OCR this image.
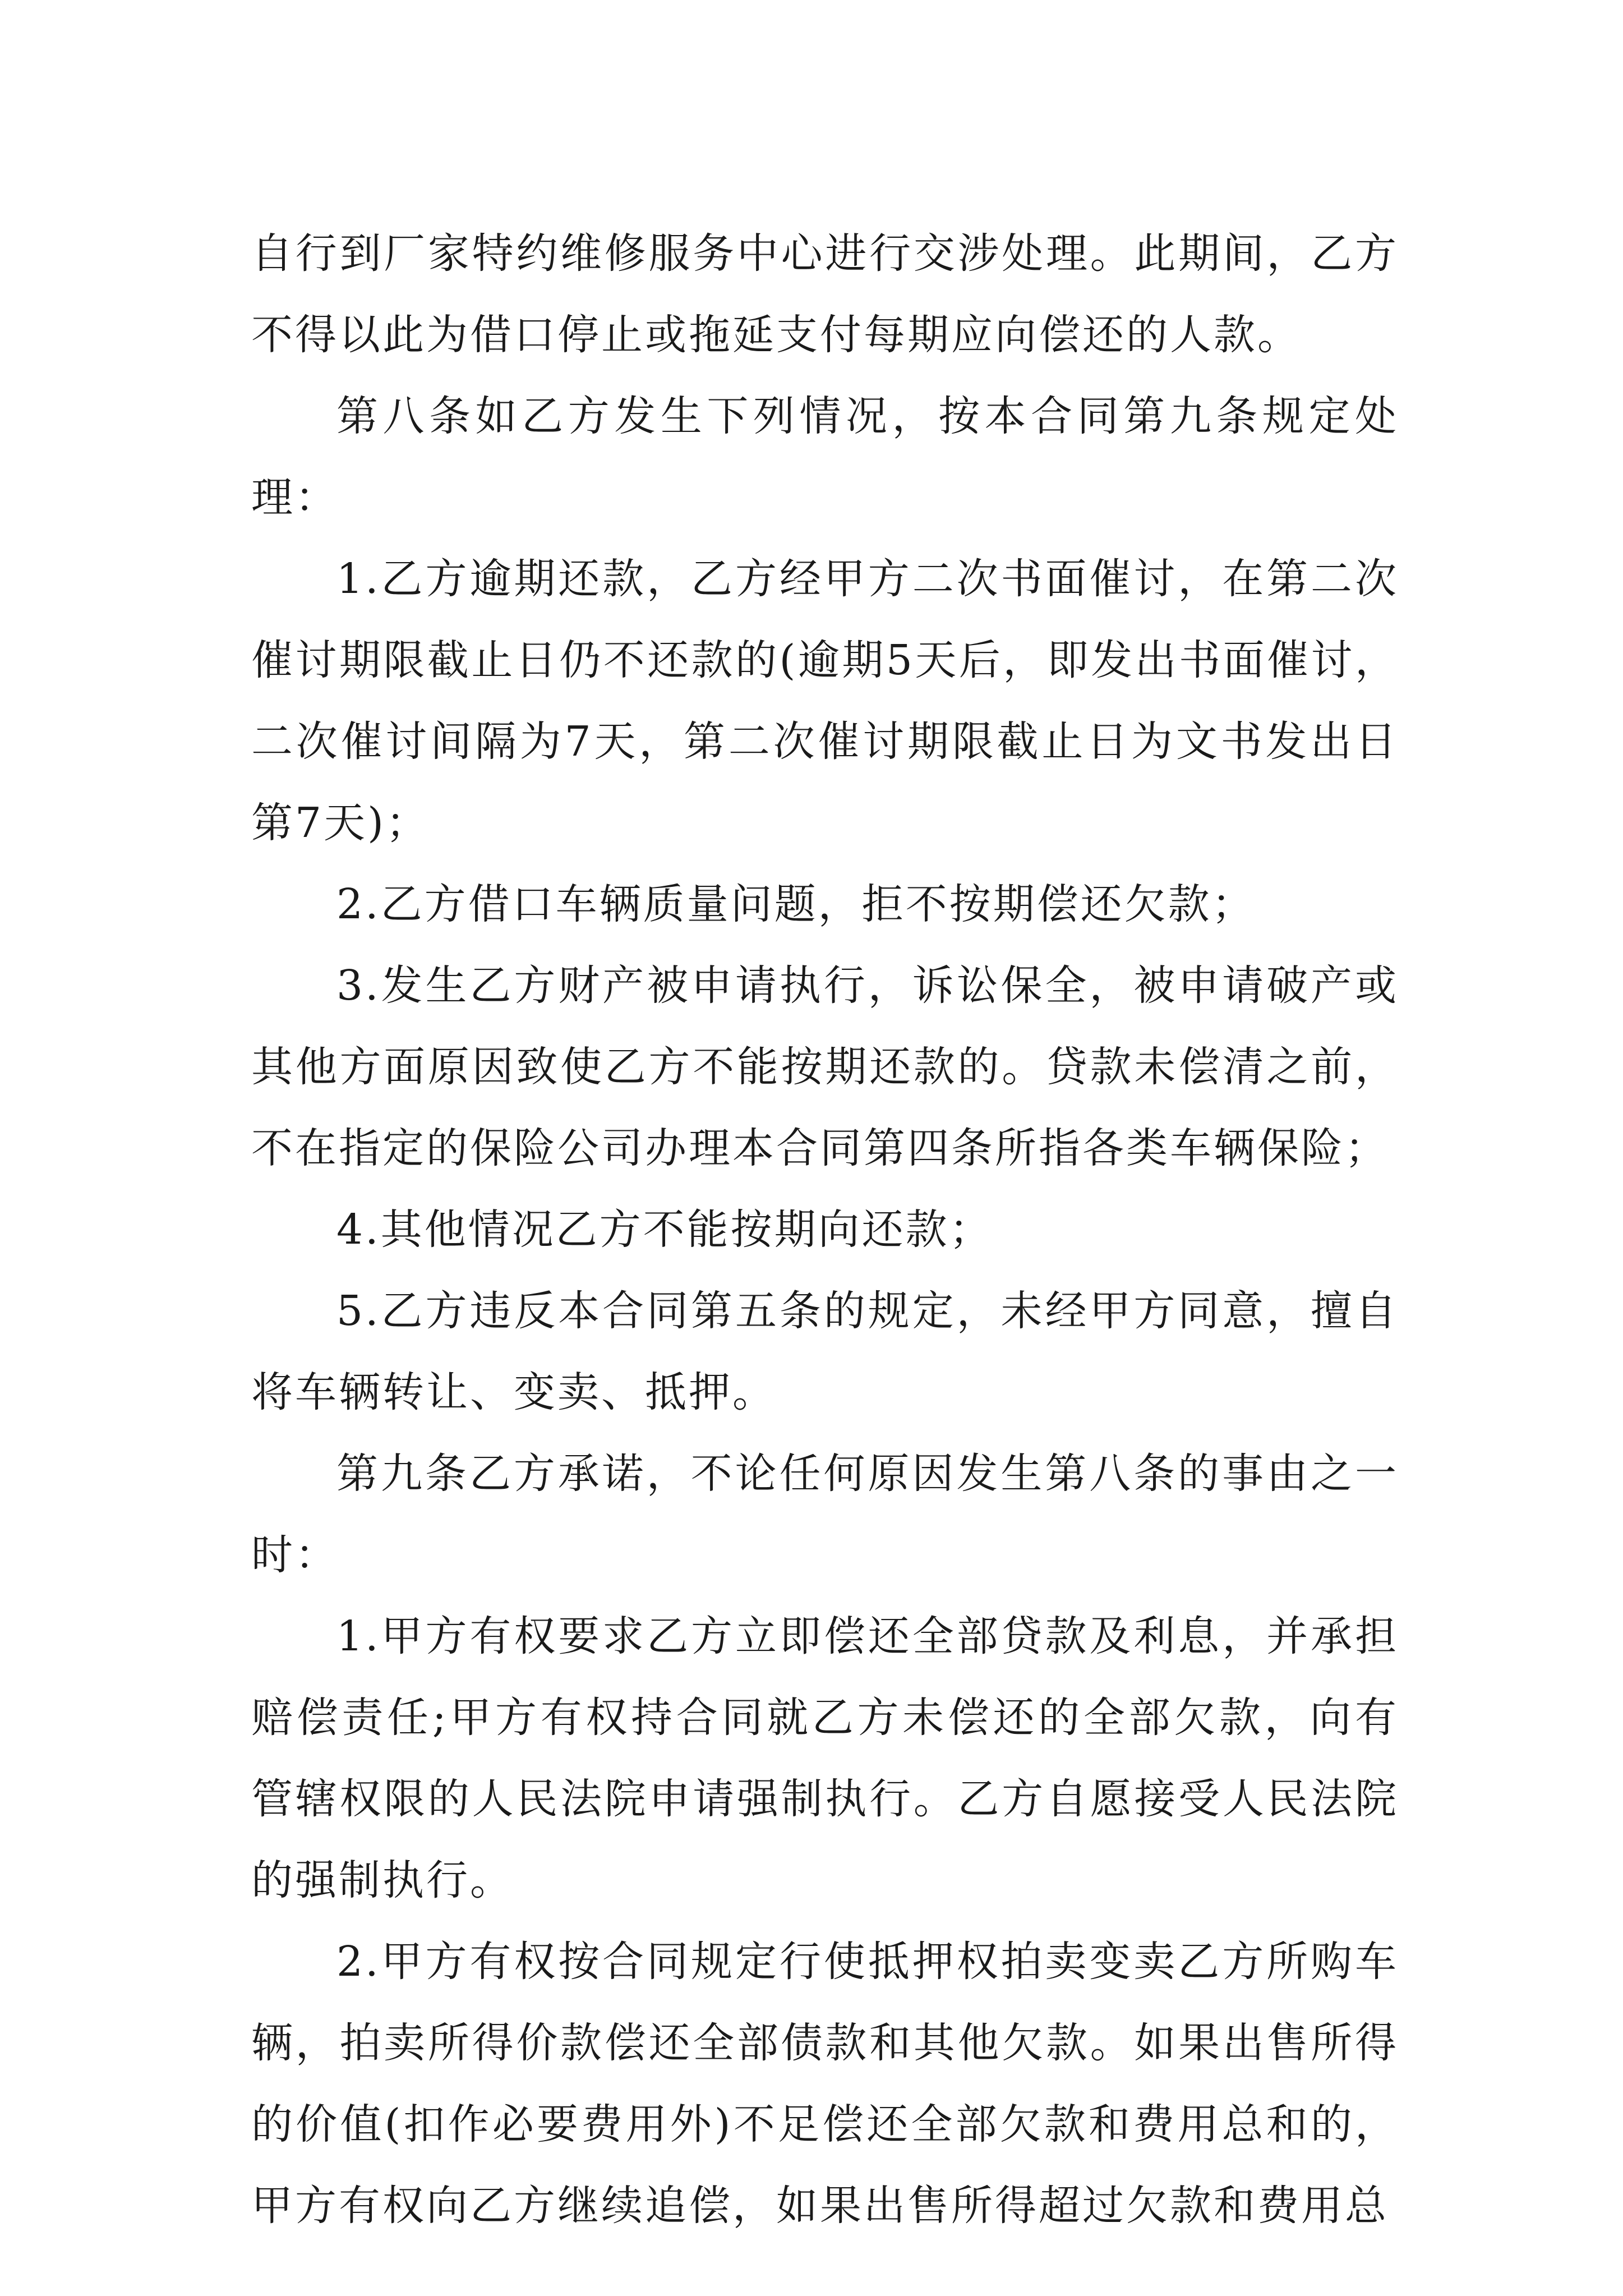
自行到厂家特约维修服务中心进行交涉处理。此期间，乙方不得以此为借口停止或拖延支付每期应向偿还的人款。

第八条如乙方发生下列情况，按本合同第九条规定处理：

1.乙方逾期还款，乙方经甲方二次书面催讨，在第二次催讨期限截止日仍不还款的(逾期5天后，即发出书面催讨，二次催讨间隔为7天，第二次催讨期限截止日为文书发出日第7天)；

2.乙方借口车辆质量问题，拒不按期偿还欠款；

3.发生乙方财产被申请执行，诉讼保全，被申请破产或其他方面原因致使乙方不能按期还款的。贷款未偿清之前，不在指定的保险公司办理本合同第四条所指各类车辆保险；

4.其他情况乙方不能按期向还款；

5.乙方违反本合同第五条的规定，未经甲方同意，擅自将车辆转让、变卖、抵押。

第九条乙方承诺，不论任何原因发生第八条的事由之一时：

1.甲方有权要求乙方立即偿还全部贷款及利息，并承担赔偿责任;甲方有权持合同就乙方未偿还的全部欠款，向有管辖权限的人民法院申请强制执行。乙方自愿接受人民法院的强制执行。

2.甲方有权按合同规定行使抵押权拍卖变卖乙方所购车辆，拍卖所得价款偿还全部债款和其他欠款。如果出售所得的价值(扣作必要费用外)不足偿还全部欠款和费用总和的，甲方有权向乙方继续追偿，如果出售所得超过欠款和费用总
